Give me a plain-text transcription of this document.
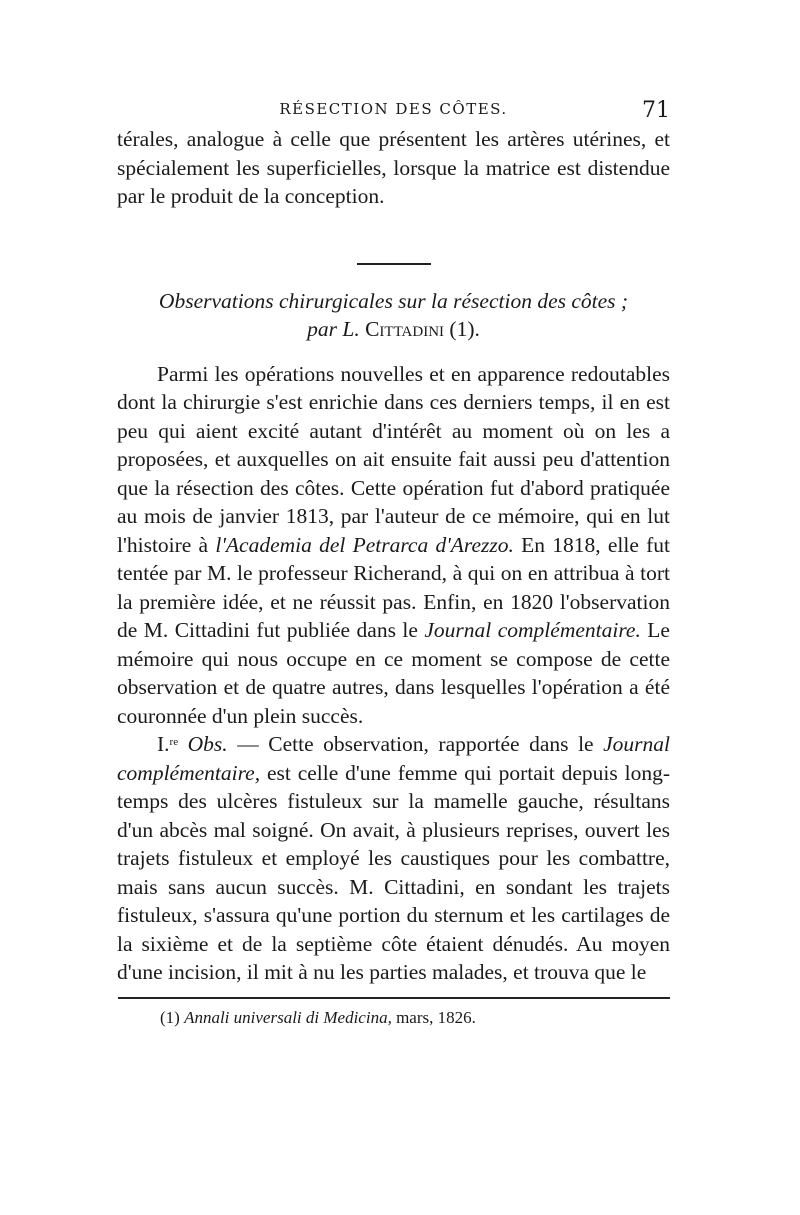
RÉSECTION DES CÔTES.	71

térales, analogue à celle que présentent les artères utérines, et spécialement les superficielles, lorsque la matrice est distendue par le produit de la conception.

Observations chirurgicales sur la résection des côtes ;
par L. Cittadini (1).

Parmi les opérations nouvelles et en apparence redoutables dont la chirurgie s'est enrichie dans ces derniers temps, il en est peu qui aient excité autant d'intérêt au moment où on les a proposées, et auxquelles on ait ensuite fait aussi peu d'attention que la résection des côtes. Cette opération fut d'abord pratiquée au mois de janvier 1813, par l'auteur de ce mémoire, qui en lut l'histoire à l'Academia del Petrarca d'Arezzo. En 1818, elle fut tentée par M. le professeur Richerand, à qui on en attribua à tort la première idée, et ne réussit pas. Enfin, en 1820 l'observation de M. Cittadini fut publiée dans le Journal complémentaire. Le mémoire qui nous occupe en ce moment se compose de cette observation et de quatre autres, dans lesquelles l'opération a été couronnée d'un plein succès.

I.$^{re}$ Obs. — Cette observation, rapportée dans le Journal complémentaire, est celle d'une femme qui portait depuis long-temps des ulcères fistuleux sur la mamelle gauche, résultans d'un abcès mal soigné. On avait, à plusieurs reprises, ouvert les trajets fistuleux et employé les caustiques pour les combattre, mais sans aucun succès. M. Cittadini, en sondant les trajets fistuleux, s'assura qu'une portion du sternum et les cartilages de la sixième et de la septième côte étaient dénudés. Au moyen d'une incision, il mit à nu les parties malades, et trouva que le

(1) Annali universali di Medicina, mars, 1826.
